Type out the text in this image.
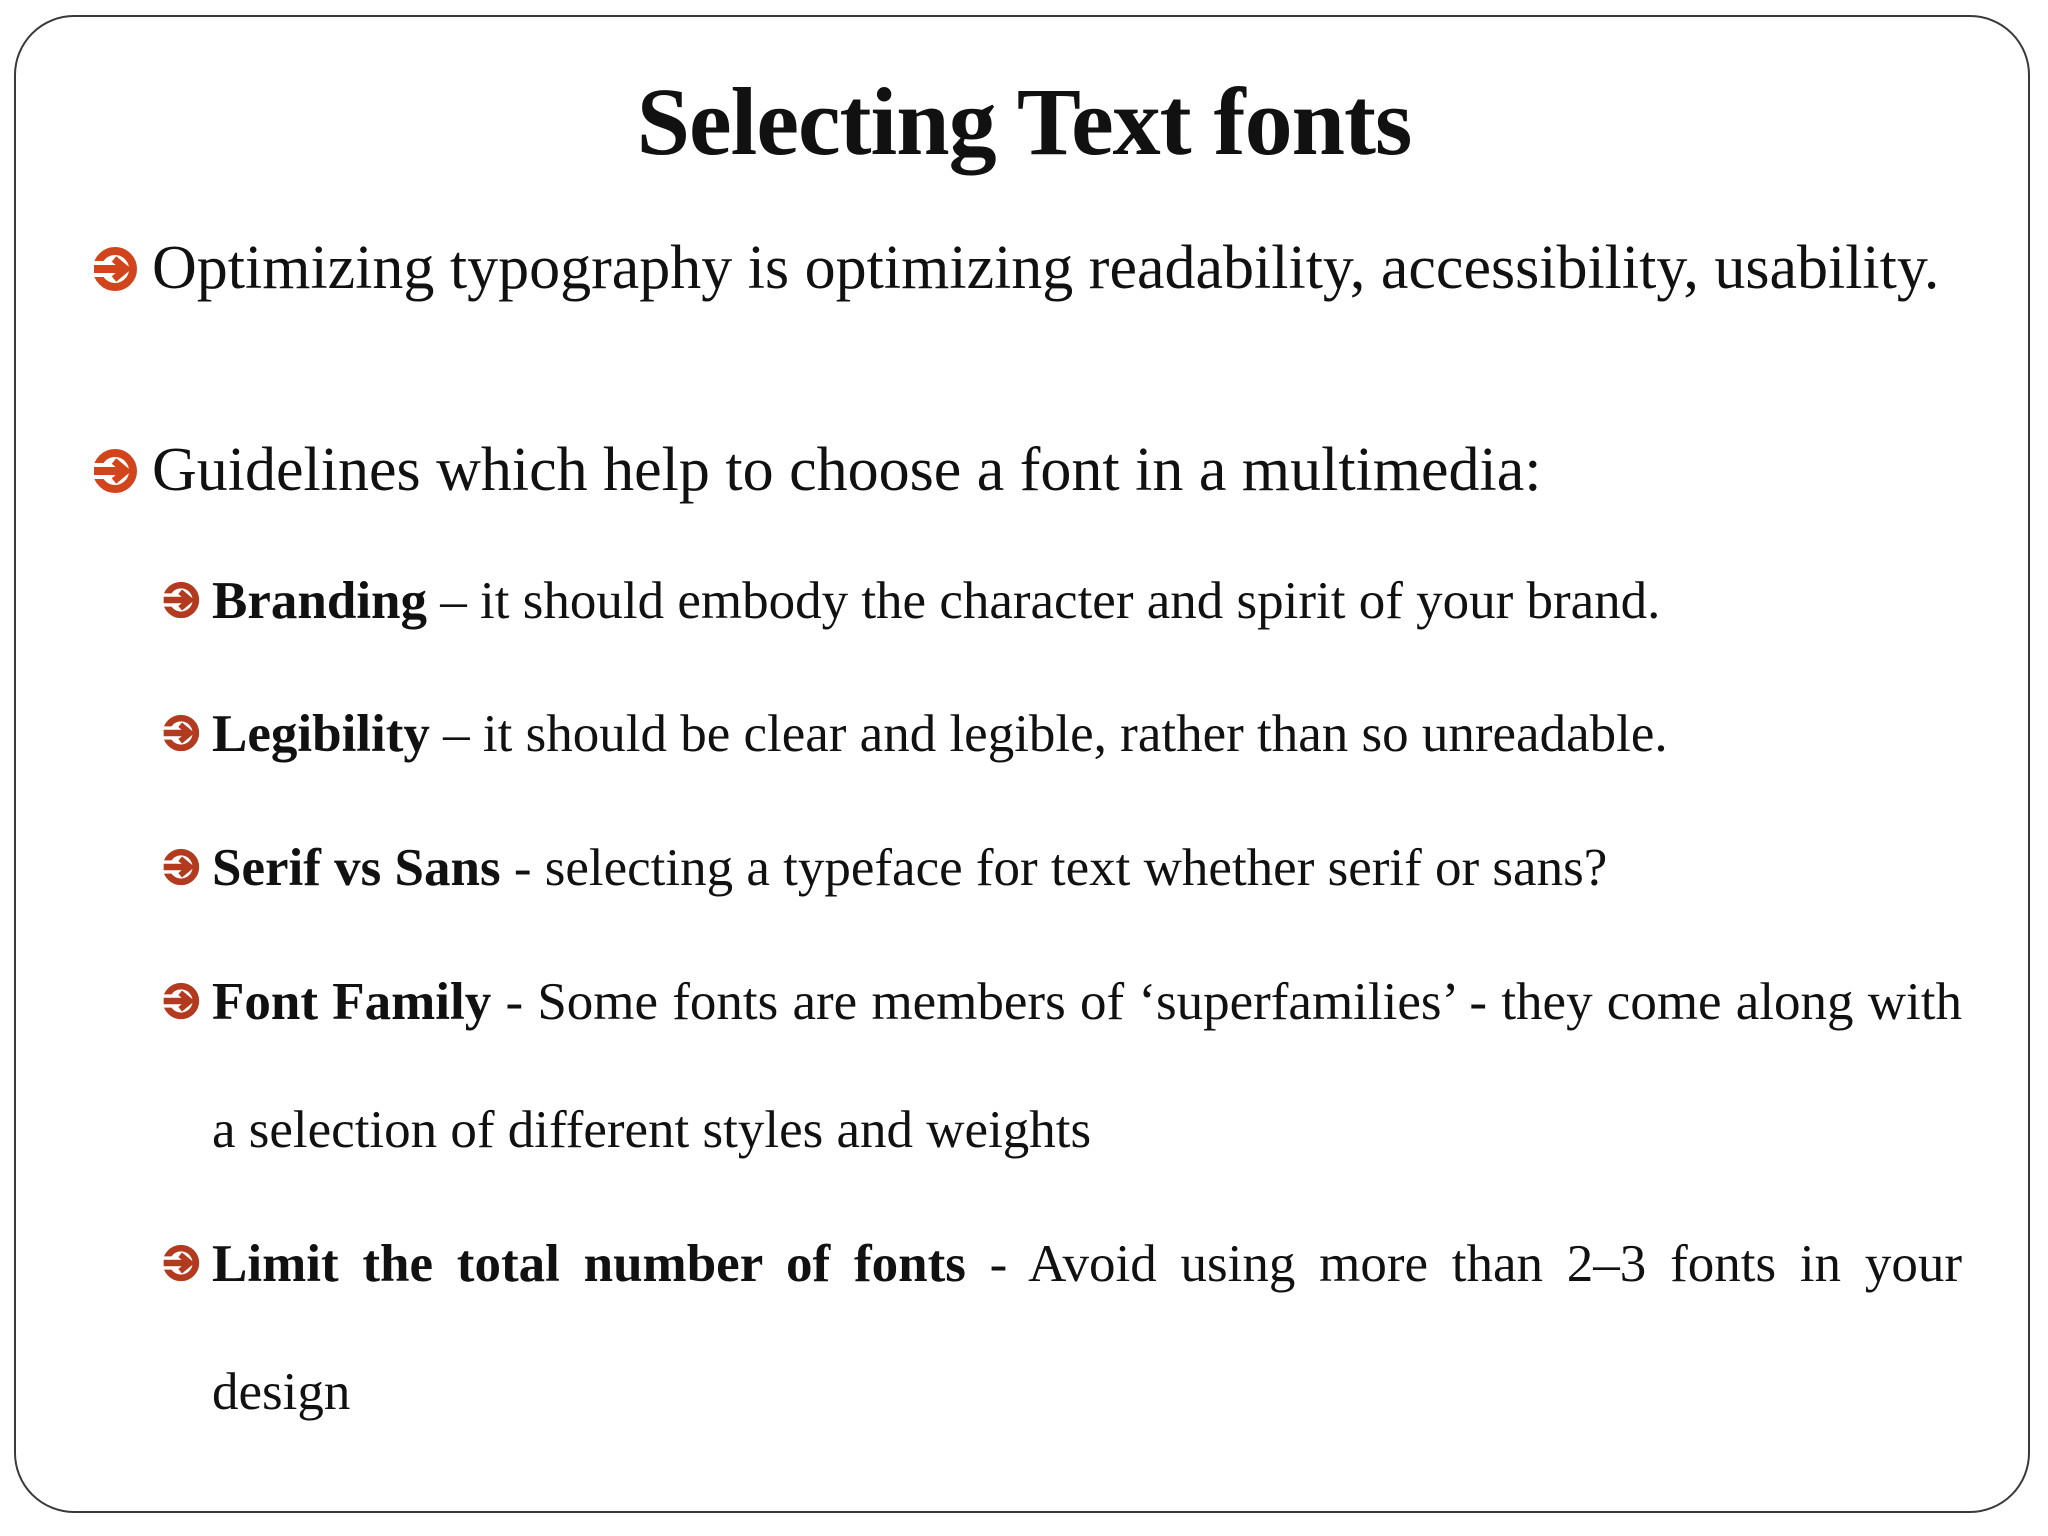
Selecting Text fonts
Optimizing typography is optimizing readability, accessibility, usability.
Guidelines which help to choose a font in a multimedia:
Branding – it should embody the character and spirit of your brand.
Legibility – it should be clear and legible, rather than so unreadable.
Serif vs Sans - selecting a typeface for text whether serif or sans?
Font Family - Some fonts are members of ‘superfamilies’ - they come along with a selection of different styles and weights
Limit the total number of fonts - Avoid using more than 2–3 fonts in your design
